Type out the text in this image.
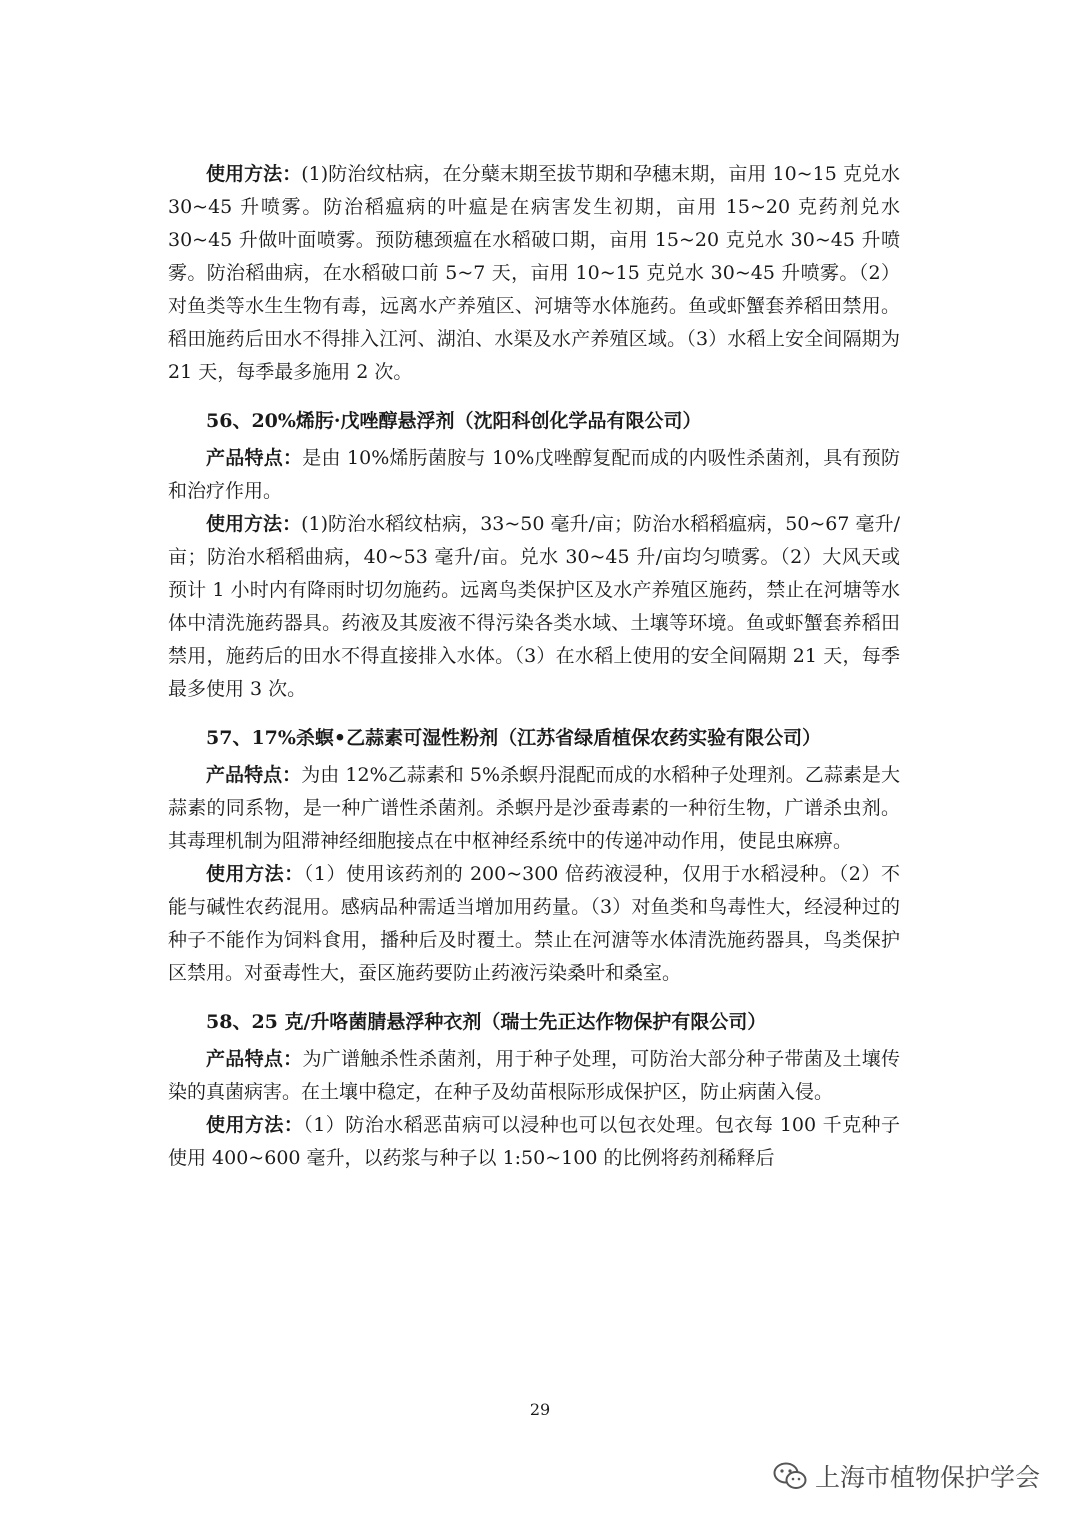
使用方法：(1)防治纹枯病，在分蘖末期至拔节期和孕穗末期，亩用 10~15 克兑水 30~45 升喷雾。防治稻瘟病的叶瘟是在病害发生初期，亩用 15~20 克药剂兑水 30~45 升做叶面喷雾。预防穗颈瘟在水稻破口期，亩用 15~20 克兑水 30~45 升喷雾。防治稻曲病，在水稻破口前 5~7 天，亩用 10~15 克兑水 30~45 升喷雾。（2）对鱼类等水生生物有毒，远离水产养殖区、河塘等水体施药。鱼或虾蟹套养稻田禁用。稻田施药后田水不得排入江河、湖泊、水渠及水产养殖区域。（3）水稻上安全间隔期为 21 天，每季最多施用 2 次。

56、20%烯肟·戊唑醇悬浮剂（沈阳科创化学品有限公司）

产品特点：是由 10%烯肟菌胺与 10%戊唑醇复配而成的内吸性杀菌剂，具有预防和治疗作用。

使用方法：(1)防治水稻纹枯病，33~50 毫升/亩；防治水稻稻瘟病，50~67 毫升/亩；防治水稻稻曲病，40~53 毫升/亩。兑水 30~45 升/亩均匀喷雾。（2）大风天或预计 1 小时内有降雨时切勿施药。远离鸟类保护区及水产养殖区施药，禁止在河塘等水体中清洗施药器具。药液及其废液不得污染各类水域、土壤等环境。鱼或虾蟹套养稻田禁用，施药后的田水不得直接排入水体。（3）在水稻上使用的安全间隔期 21 天，每季最多使用 3 次。

57、17%杀螟•乙蒜素可湿性粉剂（江苏省绿盾植保农药实验有限公司）

产品特点：为由 12%乙蒜素和 5%杀螟丹混配而成的水稻种子处理剂。乙蒜素是大蒜素的同系物，是一种广谱性杀菌剂。杀螟丹是沙蚕毒素的一种衍生物，广谱杀虫剂。其毒理机制为阻滞神经细胞接点在中枢神经系统中的传递冲动作用，使昆虫麻痹。

使用方法：（1）使用该药剂的 200~300 倍药液浸种，仅用于水稻浸种。（2）不能与碱性农药混用。感病品种需适当增加用药量。（3）对鱼类和鸟毒性大，经浸种过的种子不能作为饲料食用，播种后及时覆土。禁止在河溏等水体清洗施药器具，鸟类保护区禁用。对蚕毒性大，蚕区施药要防止药液污染桑叶和桑室。

58、25 克/升咯菌腈悬浮种衣剂（瑞士先正达作物保护有限公司）

产品特点：为广谱触杀性杀菌剂，用于种子处理，可防治大部分种子带菌及土壤传染的真菌病害。在土壤中稳定，在种子及幼苗根际形成保护区，防止病菌入侵。

使用方法：（1）防治水稻恶苗病可以浸种也可以包衣处理。包衣每 100 千克种子使用 400~600 毫升，以药浆与种子以 1:50~100 的比例将药剂稀释后

29
上海市植物保护学会
